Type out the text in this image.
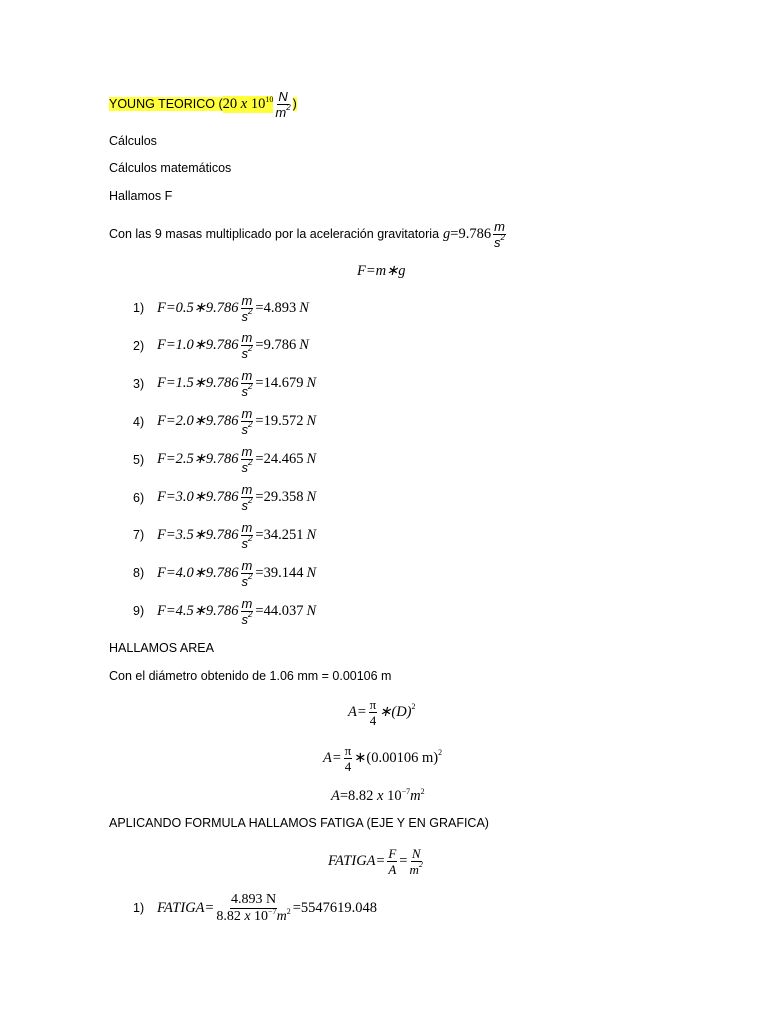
YOUNG TEORICO ( 20 x $10^{10} \frac{N}{m^2}$ )
Cálculos
Cálculos matemáticos
Hallamos F
Con las 9 masas multiplicado por la aceleración gravitatoria $g=9.786 \frac{m}{s^2}$
F=m∗g
1) F=0.5∗9.786 $\frac{m}{s^2} =4.893$ N
2) F=1.0∗9.786 $\frac{m}{s^2} =9.786$ N
3) F=1.5∗9.786 $\frac{m}{s^2} =14.679$ N
4) F=2.0∗9.786 $\frac{m}{s^2} =19.572$ N
5) F=2.5∗9.786 $\frac{m}{s^2} =24.465$ N
6) F=3.0∗9.786 $\frac{m}{s^2} =29.358$ N
7) F=3.5∗9.786 $\frac{m}{s^2} =34.251$ N
8) F=4.0∗9.786 $\frac{m}{s^2} =39.144$ N
9) F=4.5∗9.786 $\frac{m}{s^2} =44.037$ N
HALLAMOS AREA
Con el diámetro obtenido de 1.06 mm = 0.00106 m
$A= \frac{\pi}{4}$ $∗(D)^2$
$A= \frac{\pi}{4}$ ∗(0.00106 m)$^2$
A=8.82 x $10^{-7}m^2$
APLICANDO FORMULA HALLAMOS FATIGA (EJE Y EN GRAFICA)
FATIGA= $\frac{F}{A} = \frac{N}{m^2}$
1) FATIGA= $\frac{4.893 N}{8.82 x 10^{-7}m^2} =5547619.048$
